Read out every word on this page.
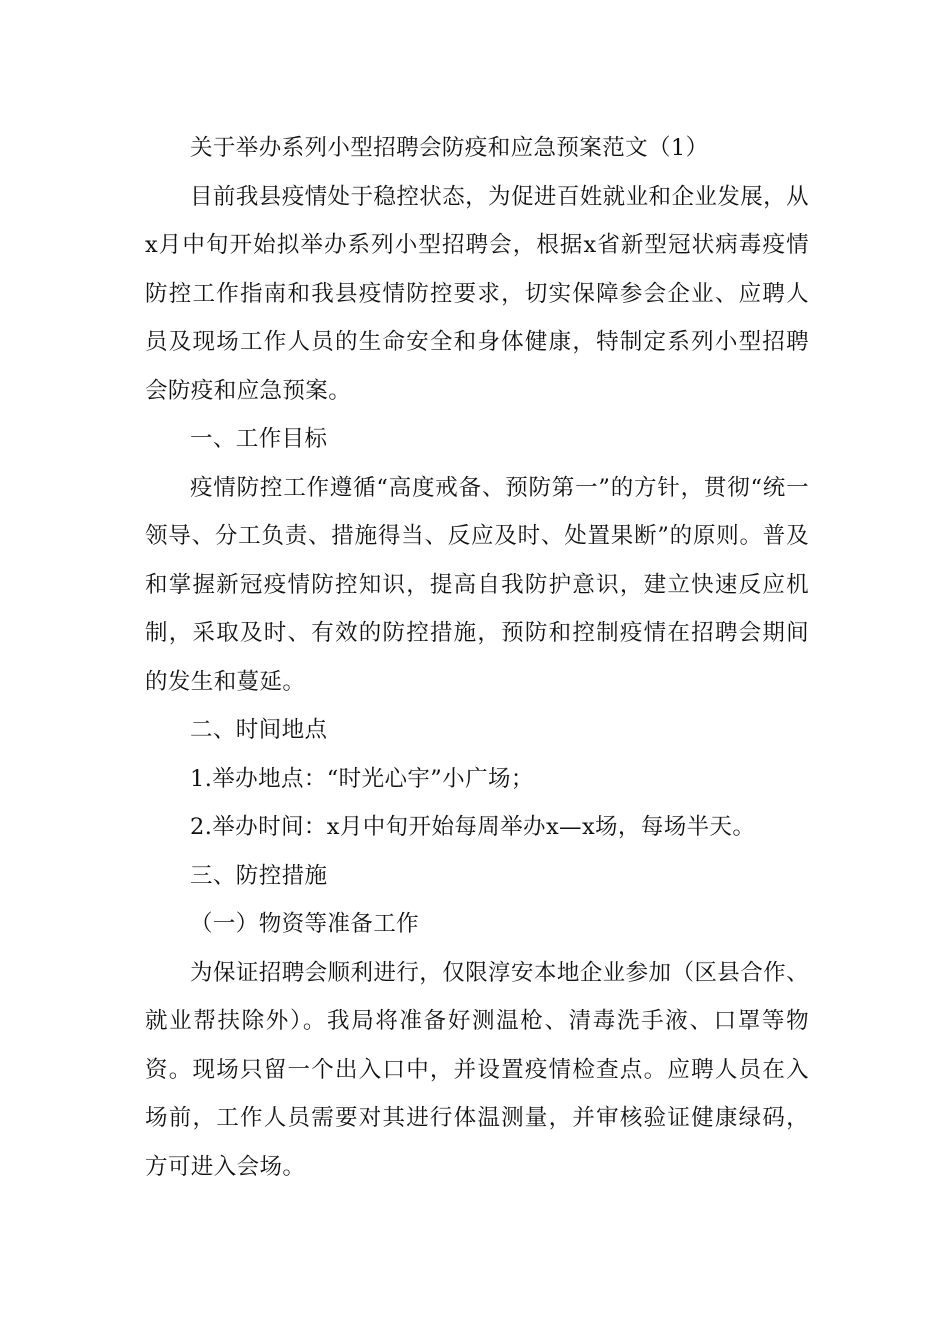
关于举办系列小型招聘会防疫和应急预案范文（1）

目前我县疫情处于稳控状态，为促进百姓就业和企业发展，从x月中旬开始拟举办系列小型招聘会，根据x省新型冠状病毒疫情防控工作指南和我县疫情防控要求，切实保障参会企业、应聘人员及现场工作人员的生命安全和身体健康，特制定系列小型招聘会防疫和应急预案。

一、工作目标

疫情防控工作遵循“高度戒备、预防第一”的方针，贯彻“统一领导、分工负责、措施得当、反应及时、处置果断”的原则。普及和掌握新冠疫情防控知识，提高自我防护意识，建立快速反应机制，采取及时、有效的防控措施，预防和控制疫情在招聘会期间的发生和蔓延。

二、时间地点

1.举办地点：“时光心宇”小广场；

2.举办时间：x月中旬开始每周举办x—x场，每场半天。

三、防控措施

（一）物资等准备工作

为保证招聘会顺利进行，仅限淳安本地企业参加（区县合作、就业帮扶除外）。我局将准备好测温枪、清毒洗手液、口罩等物资。现场只留一个出入口中，并设置疫情检查点。应聘人员在入场前，工作人员需要对其进行体温测量，并审核验证健康绿码，方可进入会场。
